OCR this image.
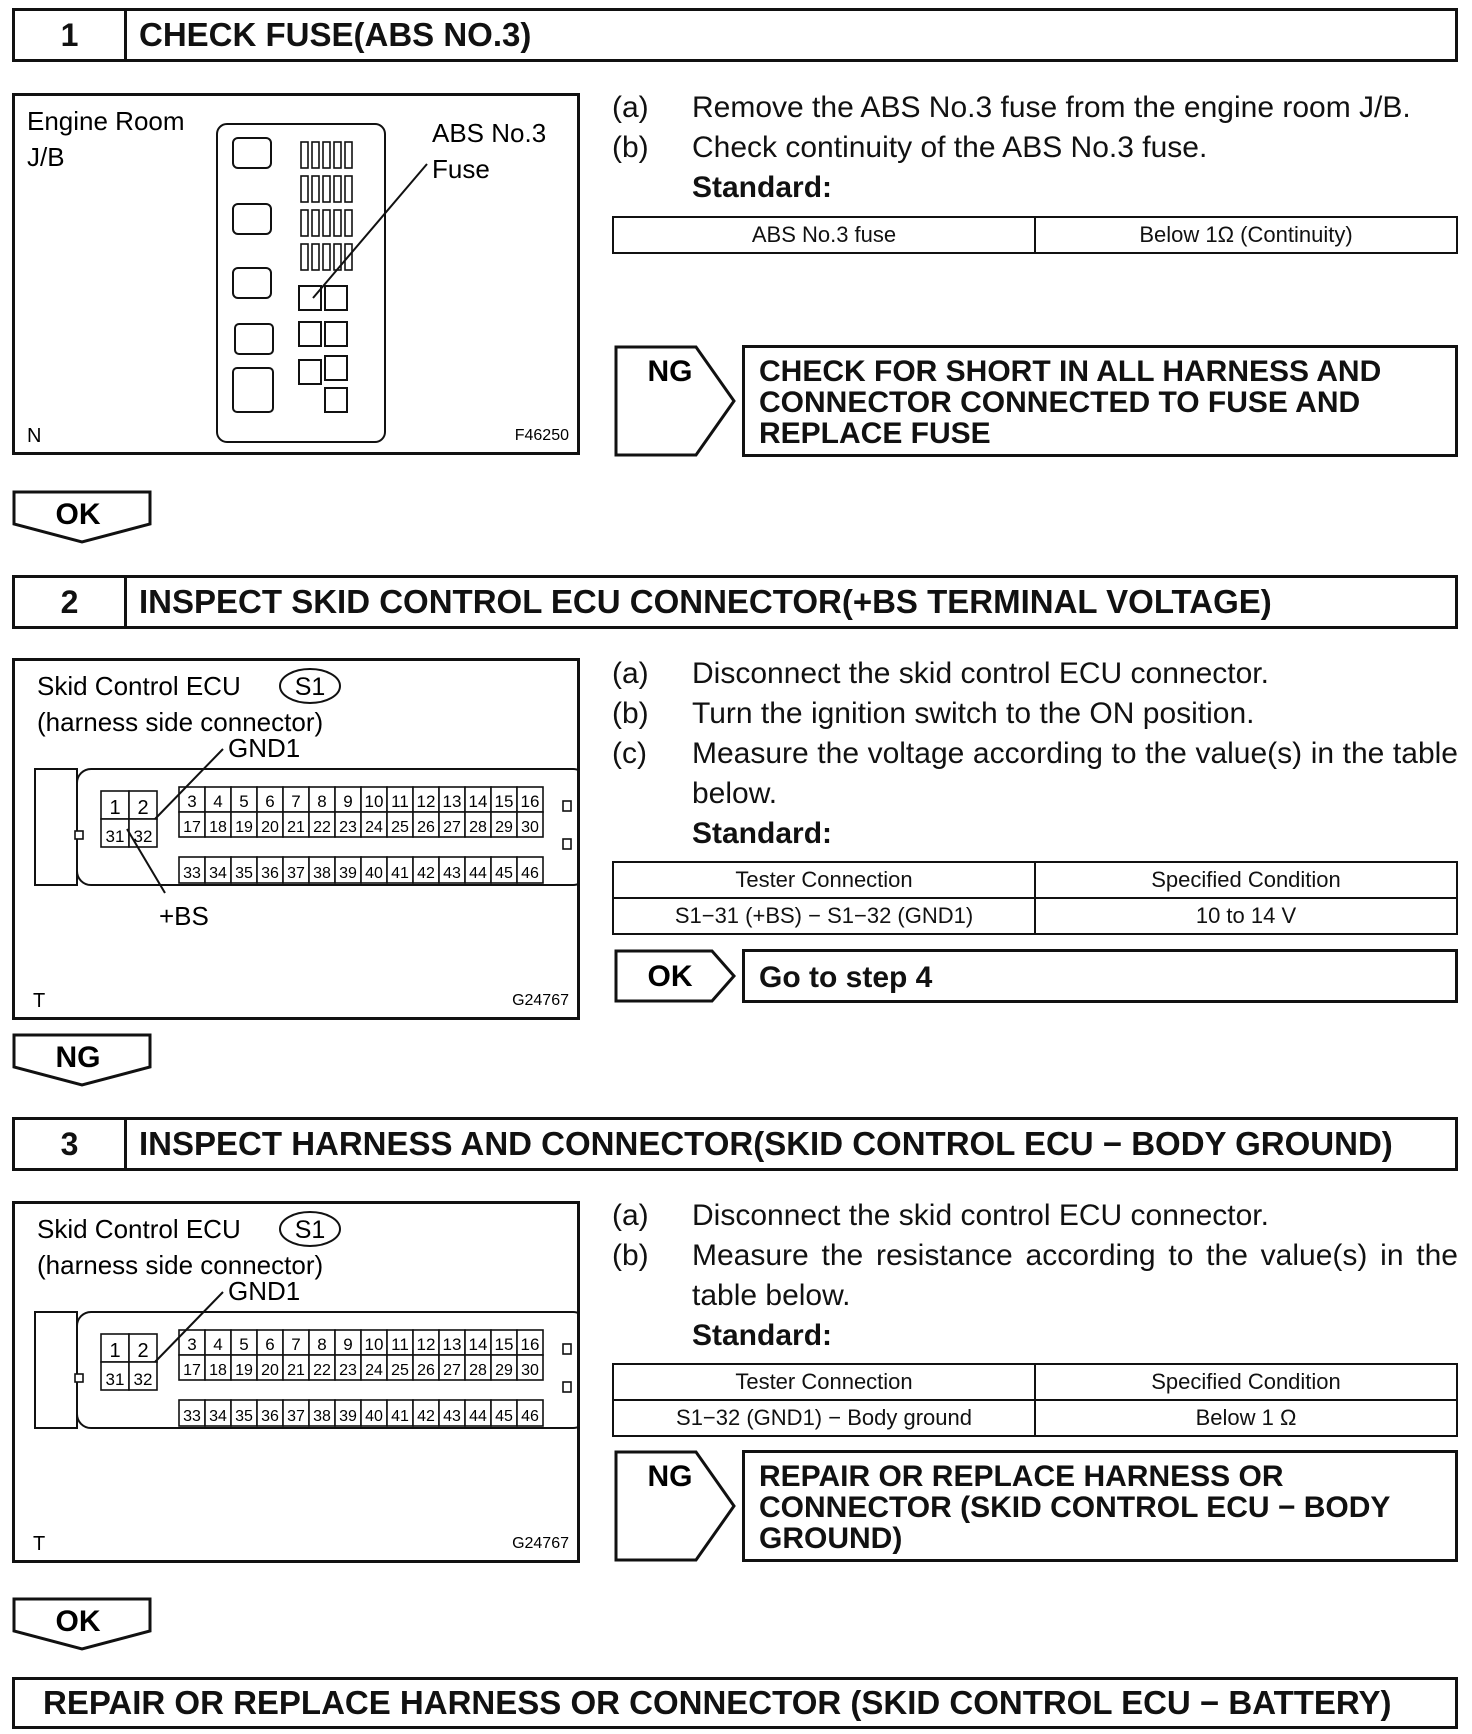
1	CHECK FUSE(ABS NO.3)
Engine Room
J/B
ABS No.3
Fuse
N	F46250
(a)	Remove the ABS No.3 fuse from the engine room J/B.
(b)	Check continuity of the ABS No.3 fuse.
Standard:
ABS No.3 fuse	Below 1Ω (Continuity)
NG CHECK FOR SHORT IN ALL HARNESS AND
CONNECTOR CONNECTED TO FUSE AND
REPLACE FUSE
OK
2	INSPECT SKID CONTROL ECU CONNECTOR(+BS TERMINAL VOLTAGE)
Skid Control ECU S1
(harness side connector)
GND1
1 2
31 32
3 4 5 6 7 8 9 10 11 12 13 14 15 16
17 18 19 20 21 22 23 24 25 26 27 28 29 30
33 34 35 36 37 38 39 40 41 42 43 44 45 46
+BS
T	G24767
(a)	Disconnect the skid control ECU connector.
(b)	Turn the ignition switch to the ON position.
(c)	Measure the voltage according to the value(s) in the table below.
Standard:
Tester Connection	Specified Condition
S1−31 (+BS) − S1−32 (GND1)	10 to 14 V
OK Go to step 4
NG
3	INSPECT HARNESS AND CONNECTOR(SKID CONTROL ECU − BODY GROUND)
Skid Control ECU S1
(harness side connector)
GND1
1 2
31 32
3 4 5 6 7 8 9 10 11 12 13 14 15 16
17 18 19 20 21 22 23 24 25 26 27 28 29 30
33 34 35 36 37 38 39 40 41 42 43 44 45 46
T	G24767
(a)	Disconnect the skid control ECU connector.
(b)	Measure the resistance according to the value(s) in the table below.
Standard:
Tester Connection	Specified Condition
S1−32 (GND1) − Body ground	Below 1 Ω
NG REPAIR OR REPLACE HARNESS OR
CONNECTOR (SKID CONTROL ECU − BODY
GROUND)
OK
REPAIR OR REPLACE HARNESS OR CONNECTOR (SKID CONTROL ECU − BATTERY)
